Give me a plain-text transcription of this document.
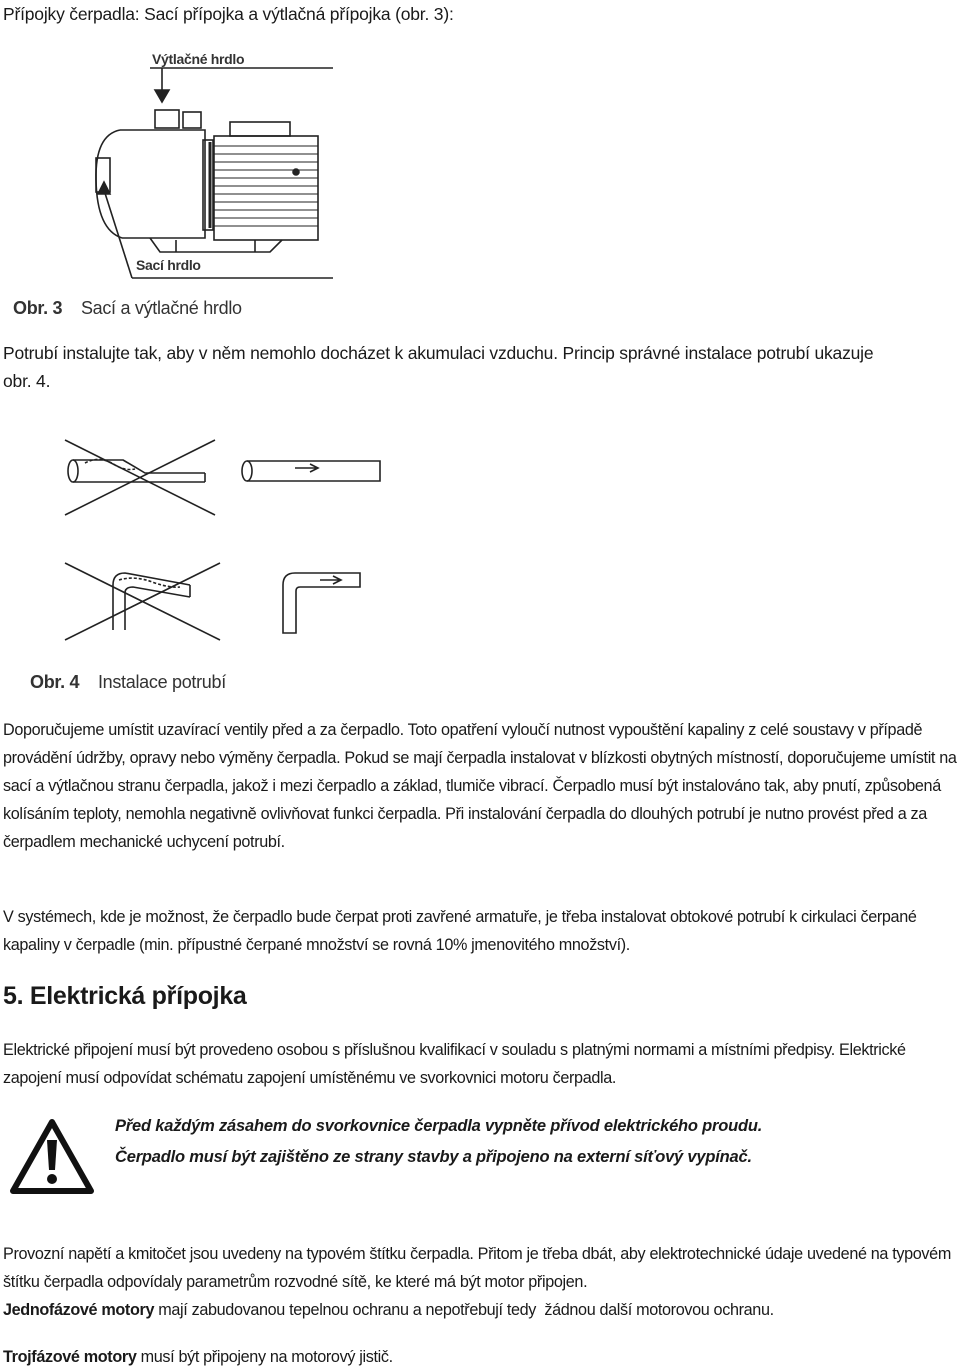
Přípojky čerpadla: Sací přípojka a výtlačná přípojka (obr. 3):
Výtlačné hrdlo
Sací hrdlo
Obr. 3 Sací a výtlačné hrdlo
Potrubí instalujte tak, aby v něm nemohlo docházet k akumulaci vzduchu. Princip správné instalace potrubí ukazuje
obr. 4.
Obr. 4 Instalace potrubí

Doporučujeme umístit uzavírací ventily před a za čerpadlo. Toto opatření vyloučí nutnost vypouštění kapaliny z celé soustavy v případě provádění údržby, opravy nebo výměny čerpadla. Pokud se mají čerpadla instalovat v blízkosti obytných místností, doporučujeme umístit na sací a výtlačnou stranu čerpadla, jakož i mezi čerpadlo a základ, tlumiče vibrací. Čerpadlo musí být instalováno tak, aby pnutí, způsobená kolísáním teploty, nemohla negativně ovlivňovat funkci čerpadla. Při instalování čerpadla do dlouhých potrubí je nutno provést před a za čerpadlem mechanické uchycení potrubí.

V systémech, kde je možnost, že čerpadlo bude čerpat proti zavřené armatuře, je třeba instalovat obtokové potrubí k cirkulaci čerpané kapaliny v čerpadle (min. přípustné čerpané množství se rovná 10% jmenovitého množství).

5. Elektrická přípojka

Elektrické připojení musí být provedeno osobou s příslušnou kvalifikací v souladu s platnými normami a místními předpisy. Elektrické zapojení musí odpovídat schématu zapojení umístěnému ve svorkovnici motoru čerpadla.

Před každým zásahem do svorkovnice čerpadla vypněte přívod elektrického proudu.
Čerpadlo musí být zajištěno ze strany stavby a připojeno na externí síťový vypínač.

Provozní napětí a kmitočet jsou uvedeny na typovém štítku čerpadla. Přitom je třeba dbát, aby elektrotechnické údaje uvedené na typovém štítku čerpadla odpovídaly parametrům rozvodné sítě, ke které má být motor připojen.

Jednofázové motory mají zabudovanou tepelnou ochranu a nepotřebují tedy  žádnou další motorovou ochranu.
Trojfázové motory musí být připojeny na motorový jistič.
